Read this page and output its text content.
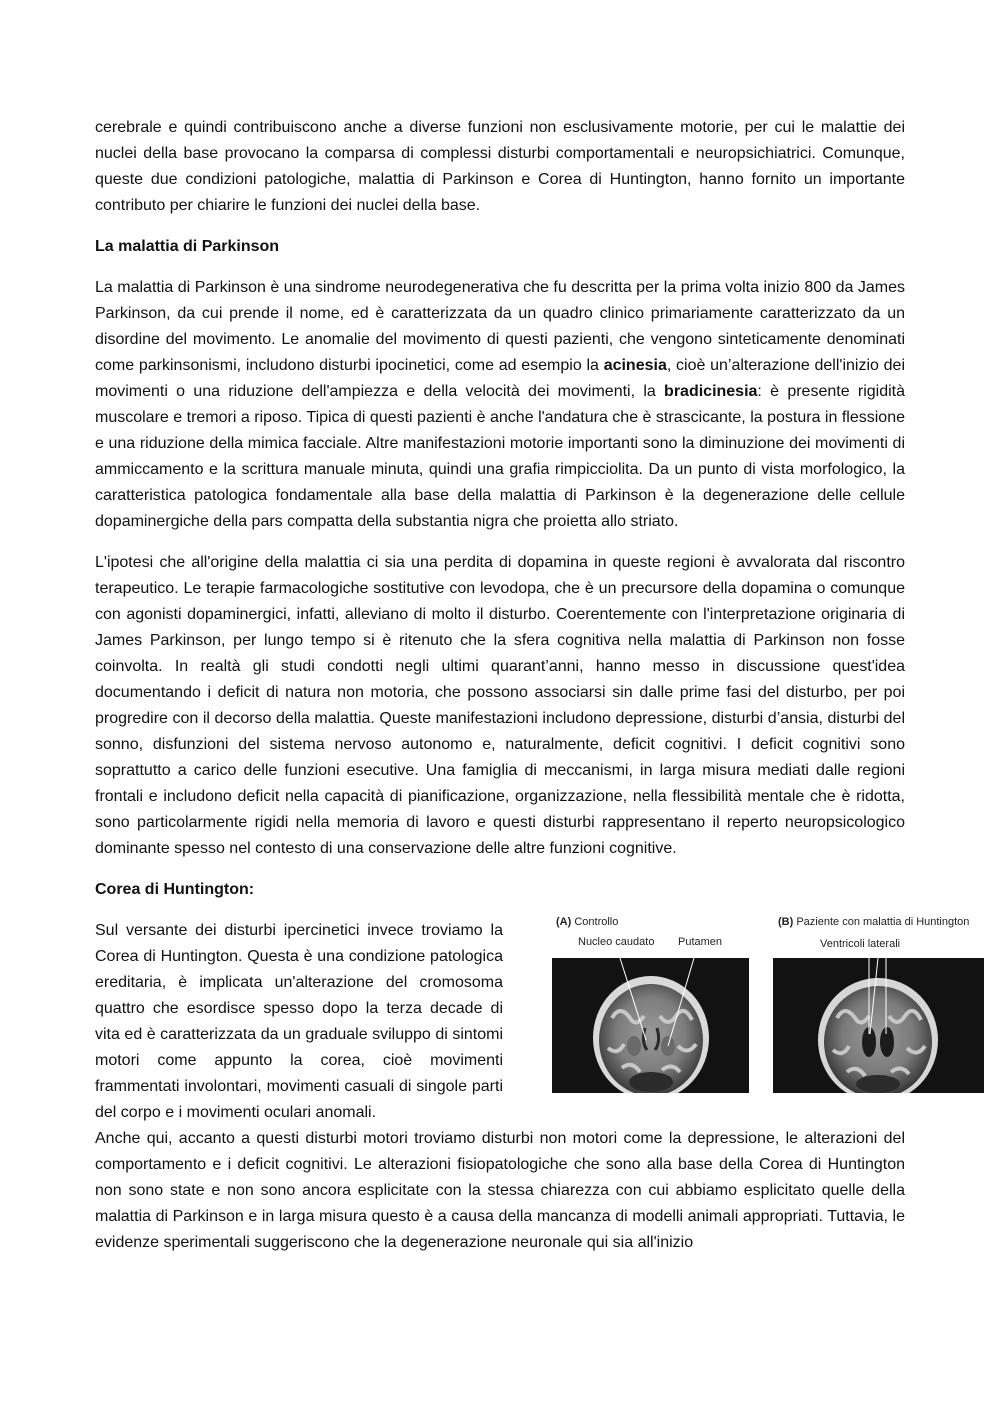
cerebrale e quindi contribuiscono anche a diverse funzioni non esclusivamente motorie, per cui le malattie dei nuclei della base provocano la comparsa di complessi disturbi comportamentali e neuropsichiatrici. Comunque, queste due condizioni patologiche, malattia di Parkinson e Corea di Huntington, hanno fornito un importante contributo per chiarire le funzioni dei nuclei della base.

La malattia di Parkinson

La malattia di Parkinson è una sindrome neurodegenerativa che fu descritta per la prima volta inizio 800 da James Parkinson, da cui prende il nome, ed è caratterizzata da un quadro clinico primariamente caratterizzato da un disordine del movimento. Le anomalie del movimento di questi pazienti, che vengono sinteticamente denominati come parkinsonismi, includono disturbi ipocinetici, come ad esempio la acinesia, cioè un’alterazione dell'inizio dei movimenti o una riduzione dell'ampiezza e della velocità dei movimenti, la bradicinesia: è presente rigidità muscolare e tremori a riposo. Tipica di questi pazienti è anche l'andatura che è strascicante, la postura in flessione e una riduzione della mimica facciale. Altre manifestazioni motorie importanti sono la diminuzione dei movimenti di ammiccamento e la scrittura manuale minuta, quindi una grafia rimpicciolita. Da un punto di vista morfologico, la caratteristica patologica fondamentale alla base della malattia di Parkinson è la degenerazione delle cellule dopaminergiche della pars compatta della substantia nigra che proietta allo striato.

L'ipotesi che all'origine della malattia ci sia una perdita di dopamina in queste regioni è avvalorata dal riscontro terapeutico. Le terapie farmacologiche sostitutive con levodopa, che è un precursore della dopamina o comunque con agonisti dopaminergici, infatti, alleviano di molto il disturbo. Coerentemente con l'interpretazione originaria di James Parkinson, per lungo tempo si è ritenuto che la sfera cognitiva nella malattia di Parkinson non fosse coinvolta. In realtà gli studi condotti negli ultimi quarant’anni, hanno messo in discussione quest'idea documentando i deficit di natura non motoria, che possono associarsi sin dalle prime fasi del disturbo, per poi progredire con il decorso della malattia. Queste manifestazioni includono depressione, disturbi d’ansia, disturbi del sonno, disfunzioni del sistema nervoso autonomo e, naturalmente, deficit cognitivi. I deficit cognitivi sono soprattutto a carico delle funzioni esecutive. Una famiglia di meccanismi, in larga misura mediati dalle regioni frontali e includono deficit nella capacità di pianificazione, organizzazione, nella flessibilità mentale che è ridotta, sono particolarmente rigidi nella memoria di lavoro e questi disturbi rappresentano il reperto neuropsicologico dominante spesso nel contesto di una conservazione delle altre funzioni cognitive.

Corea di Huntington:

Sul versante dei disturbi ipercinetici invece troviamo la Corea di Huntington. Questa è una condizione patologica ereditaria, è implicata un'alterazione del cromosoma quattro che esordisce spesso dopo la terza decade di vita ed è caratterizzata da un graduale sviluppo di sintomi motori come appunto la corea, cioè movimenti frammentati involontari, movimenti casuali di singole parti del corpo e i movimenti oculari anomali.

(A) Controllo
Nucleo caudato Putamen
(B) Paziente con malattia di Huntington
Ventricoli laterali

Anche qui, accanto a questi disturbi motori troviamo disturbi non motori come la depressione, le alterazioni del comportamento e i deficit cognitivi. Le alterazioni fisiopatologiche che sono alla base della Corea di Huntington non sono state e non sono ancora esplicitate con la stessa chiarezza con cui abbiamo esplicitato quelle della malattia di Parkinson e in larga misura questo è a causa della mancanza di modelli animali appropriati. Tuttavia, le evidenze sperimentali suggeriscono che la degenerazione neuronale qui sia all'inizio
